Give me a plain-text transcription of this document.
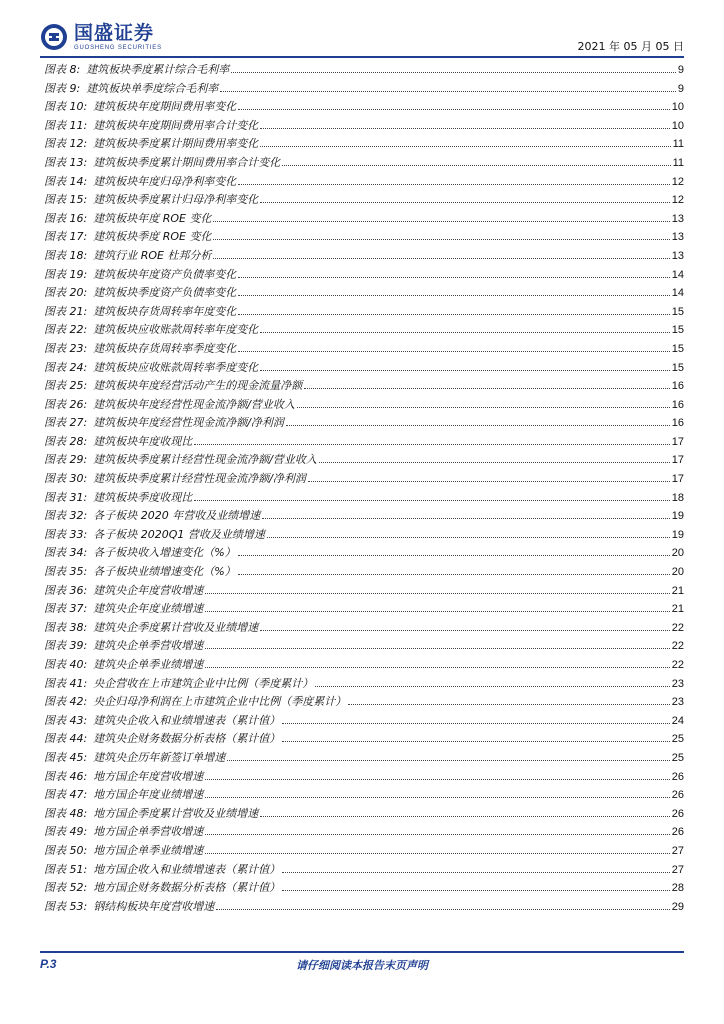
国盛证券
GUOSHENG SECURITIES	2021 年 05 月 05 日
图表 8: 建筑板块季度累计综合毛利率	9
图表 9: 建筑板块单季度综合毛利率	9
图表 10: 建筑板块年度期间费用率变化	10
图表 11: 建筑板块年度期间费用率合计变化	10
图表 12: 建筑板块季度累计期间费用率变化	11
图表 13: 建筑板块季度累计期间费用率合计变化	11
图表 14: 建筑板块年度归母净利率变化	12
图表 15: 建筑板块季度累计归母净利率变化	12
图表 16: 建筑板块年度 ROE 变化	13
图表 17: 建筑板块季度 ROE 变化	13
图表 18: 建筑行业 ROE 杜邦分析	13
图表 19: 建筑板块年度资产负债率变化	14
图表 20: 建筑板块季度资产负债率变化	14
图表 21: 建筑板块存货周转率年度变化	15
图表 22: 建筑板块应收账款周转率年度变化	15
图表 23: 建筑板块存货周转率季度变化	15
图表 24: 建筑板块应收账款周转率季度变化	15
图表 25: 建筑板块年度经营活动产生的现金流量净额	16
图表 26: 建筑板块年度经营性现金流净额/营业收入	16
图表 27: 建筑板块年度经营性现金流净额/净利润	16
图表 28: 建筑板块年度收现比	17
图表 29: 建筑板块季度累计经营性现金流净额/营业收入	17
图表 30: 建筑板块季度累计经营性现金流净额/净利润	17
图表 31: 建筑板块季度收现比	18
图表 32: 各子板块 2020 年营收及业绩增速	19
图表 33: 各子板块 2020Q1 营收及业绩增速	19
图表 34: 各子板块收入增速变化（%）	20
图表 35: 各子板块业绩增速变化（%）	20
图表 36: 建筑央企年度营收增速	21
图表 37: 建筑央企年度业绩增速	21
图表 38: 建筑央企季度累计营收及业绩增速	22
图表 39: 建筑央企单季营收增速	22
图表 40: 建筑央企单季业绩增速	22
图表 41: 央企营收在上市建筑企业中比例（季度累计）	23
图表 42: 央企归母净利润在上市建筑企业中比例（季度累计）	23
图表 43: 建筑央企收入和业绩增速表（累计值）	24
图表 44: 建筑央企财务数据分析表格（累计值）	25
图表 45: 建筑央企历年新签订单增速	25
图表 46: 地方国企年度营收增速	26
图表 47: 地方国企年度业绩增速	26
图表 48: 地方国企季度累计营收及业绩增速	26
图表 49: 地方国企单季营收增速	26
图表 50: 地方国企单季业绩增速	27
图表 51: 地方国企收入和业绩增速表（累计值）	27
图表 52: 地方国企财务数据分析表格（累计值）	28
图表 53: 钢结构板块年度营收增速	29
P.3	请仔细阅读本报告末页声明
